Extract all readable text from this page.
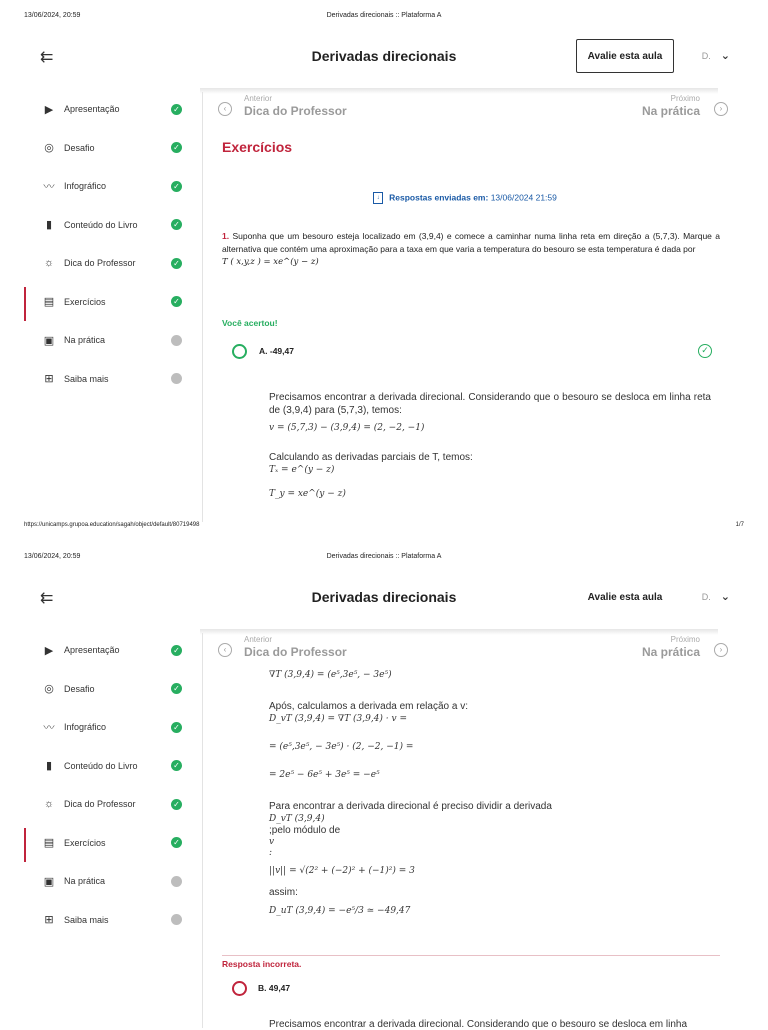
13/06/2024, 20:59	Derivadas direcionais :: Plataforma A
⇇	Derivadas direcionais	Avalie esta aula	D. ⌄
▶	Apresentação	✓
◎ Desafio	✓
〰 Infográfico	✓
▮	Conteúdo do Livro	✓
☼ Dica do Professor	✓
▤ Exercícios	✓
▣ Na prática
⊞ Saiba mais
‹
Anterior
Dica do Professor
Próximo
Na prática	›
Exercícios
↓ Respostas enviadas em: 13/06/2024 21:59
1. Suponha que um besouro esteja localizado em (3,9,4) e comece a caminhar numa linha reta em direção a (5,7,3). Marque a alternativa que contém uma aproximação para a taxa em que varia a temperatura do besouro se esta temperatura é dada por
T ( x,y,z ) = xe^(y − z)
Você acertou!
A. -49,47	✓
Precisamos encontrar a derivada direcional. Considerando que o besouro se desloca em linha reta de (3,9,4) para (5,7,3), temos:
v = (5,7,3) − (3,9,4) = (2, −2, −1)
Calculando as derivadas parciais de T, temos:
Tₓ = e^(y − z)
T_y = xe^(y − z)
https://unicamps.grupoa.education/sagah/object/default/80719498	1/7
13/06/2024, 20:59	Derivadas direcionais :: Plataforma A
⇇	Derivadas direcionais	Avalie esta aula	D. ⌄
▶	Apresentação	✓
◎ Desafio	✓
〰 Infográfico	✓
▮	Conteúdo do Livro	✓
☼ Dica do Professor	✓
▤ Exercícios	✓
▣ Na prática
⊞ Saiba mais
‹
Anterior
Dica do Professor
Próximo
Na prática	›
∇T (3,9,4) = (e⁵,3e⁵, − 3e⁵)
Após, calculamos a derivada em relação a v:
D_vT (3,9,4) = ∇T (3,9,4) · v =
= (e⁵,3e⁵, − 3e⁵) · (2, −2, −1) =
= 2e⁵ − 6e⁵ + 3e⁵ = −e⁵
Para encontrar a derivada direcional é preciso dividir a derivada
D_vT (3,9,4)
;pelo módulo de
v
:
||v|| = √(2² + (−2)² + (−1)²) = 3
assim:
D_uT (3,9,4) = −e⁵/3 ≃ −49,47
Resposta incorreta.
B. 49,47
Precisamos encontrar a derivada direcional. Considerando que o besouro se desloca em linha
